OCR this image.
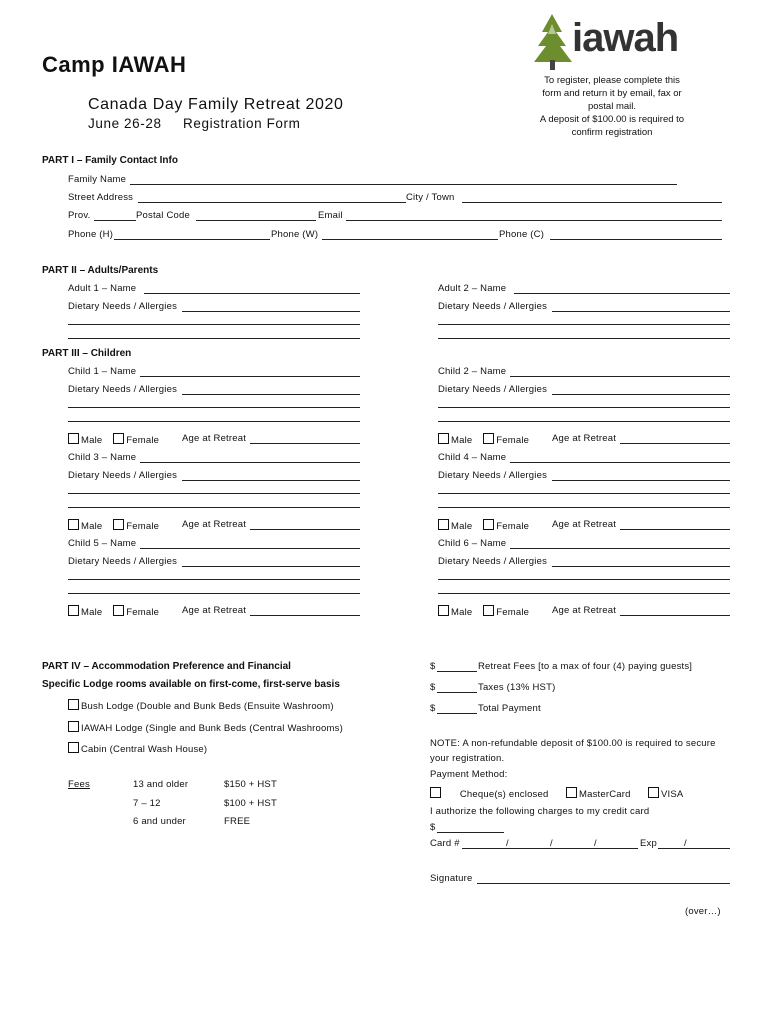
Camp IAWAH
Canada Day Family Retreat 2020
June 26-28 Registration Form
iawah
To register, please complete this
form and return it by email, fax or
postal mail.
A deposit of $100.00 is required to
confirm registration
PART I – Family Contact Info
Family Name
Street Address	City / Town
Prov.	Postal Code	Email
Phone (H)	Phone (W)	Phone (C)
PART II – Adults/Parents
Adult 1 – Name
Dietary Needs / Allergies
Adult 2 – Name
Dietary Needs / Allergies
PART III – Children
Child 1 – Name
Dietary Needs / Allergies
Male	Female Age at Retreat
Child 2 – Name
Dietary Needs / Allergies
Male	Female Age at Retreat
Child 3 – Name
Dietary Needs / Allergies
Male	Female Age at Retreat
Child 4 – Name
Dietary Needs / Allergies
Male	Female Age at Retreat
Child 5 – Name
Dietary Needs / Allergies
Male	Female Age at Retreat
Child 6 – Name
Dietary Needs / Allergies
Male	Female Age at Retreat
PART IV – Accommodation Preference and Financial
Specific Lodge rooms available on first-come, first-serve basis
Bush Lodge (Double and Bunk Beds (Ensuite Washroom)
IAWAH Lodge (Single and Bunk Beds (Central Washrooms)
Cabin (Central Wash House)
Fees	13 and older	$150 + HST
7 – 12	$100 + HST
6 and under	FREE
$	Retreat Fees [to a max of four (4) paying guests]
$	Taxes (13% HST)
$	Total Payment
NOTE: A non-refundable deposit of $100.00 is required to secure
your registration.
Payment Method:
Cheque(s) enclosed	MasterCard	VISA
I authorize the following charges to my credit card
$
Card #	/	/	/	Exp	/
Signature
(over…)
